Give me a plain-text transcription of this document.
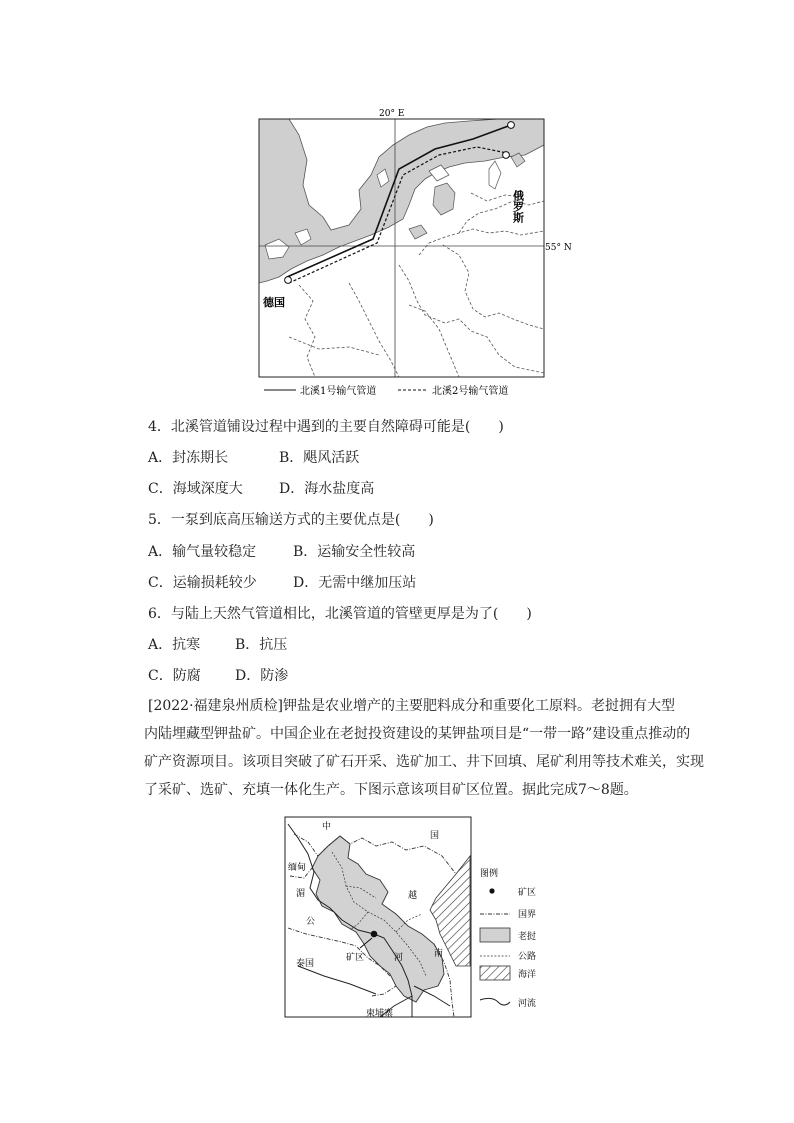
20° E
55° N
俄罗斯
德国
北溪1号输气管道	北溪2号输气管道
4．北溪管道铺设过程中遇到的主要自然障碍可能是(　　)
A．封冻期长	B．飓风活跃
C．海域深度大	D．海水盐度高
5．一泵到底高压输送方式的主要优点是(　　)
A．输气量较稳定	B．运输安全性较高
C．运输损耗较少	D．无需中继加压站
6．与陆上天然气管道相比，北溪管道的管壁更厚是为了(　　)
A．抗寒 B．抗压
C．防腐 D．防渗
[2022·福建泉州质检]钾盐是农业增产的主要肥料成分和重要化工原料。老挝拥有大型
内陆埋藏型钾盐矿。中国企业在老挝投资建设的某钾盐项目是“一带一路”建设重点推动的
矿产资源项目。该项目突破了矿石开采、选矿加工、井下回填、尾矿利用等技术难关，实现
了采矿、选矿、充填一体化生产。下图示意该项目矿区位置。据此完成7～8题。
中
国
缅甸
湄
公
河
越
南
泰国
柬埔寨
矿区
图例
矿区
国界
老挝
公路
海洋
河流
